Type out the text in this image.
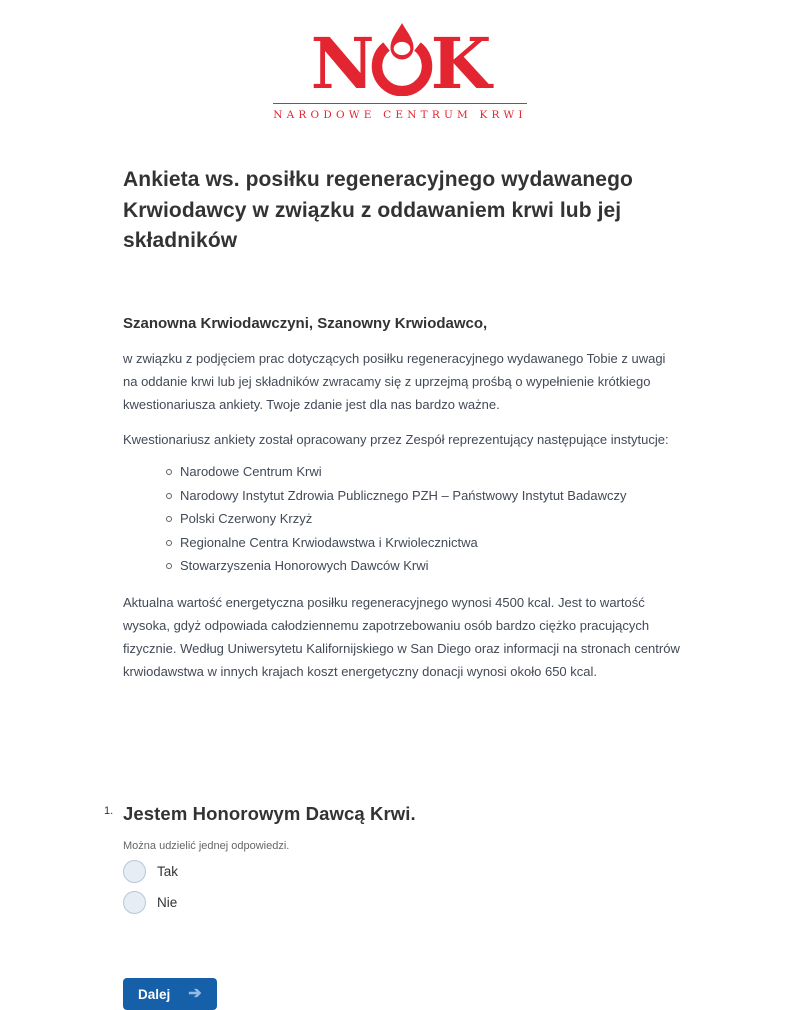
N K
NARODOWE CENTRUM KRWI
Ankieta ws. posiłku regeneracyjnego wydawanego Krwiodawcy w związku z oddawaniem krwi lub jej składników
Szanowna Krwiodawczyni, Szanowny Krwiodawco,

w związku z podjęciem prac dotyczących posiłku regeneracyjnego wydawanego Tobie z uwagi na oddanie krwi lub jej składników zwracamy się z uprzejmą prośbą o wypełnienie krótkiego kwestionariusza ankiety. Twoje zdanie jest dla nas bardzo ważne.

Kwestionariusz ankiety został opracowany przez Zespół reprezentujący następujące instytucje:

Narodowe Centrum Krwi
Narodowy Instytut Zdrowia Publicznego PZH – Państwowy Instytut Badawczy
Polski Czerwony Krzyż
Regionalne Centra Krwiodawstwa i Krwiolecznictwa
Stowarzyszenia Honorowych Dawców Krwi

Aktualna wartość energetyczna posiłku regeneracyjnego wynosi 4500 kcal. Jest to wartość wysoka, gdyż odpowiada całodziennemu zapotrzebowaniu osób bardzo ciężko pracujących fizycznie. Według Uniwersytetu Kalifornijskiego w San Diego oraz informacji na stronach centrów krwiodawstwa w innych krajach koszt energetyczny donacji wynosi około 650 kcal.

1. Jestem Honorowym Dawcą Krwi.
Można udzielić jednej odpowiedzi.
Tak
Nie
Dalej ➔
